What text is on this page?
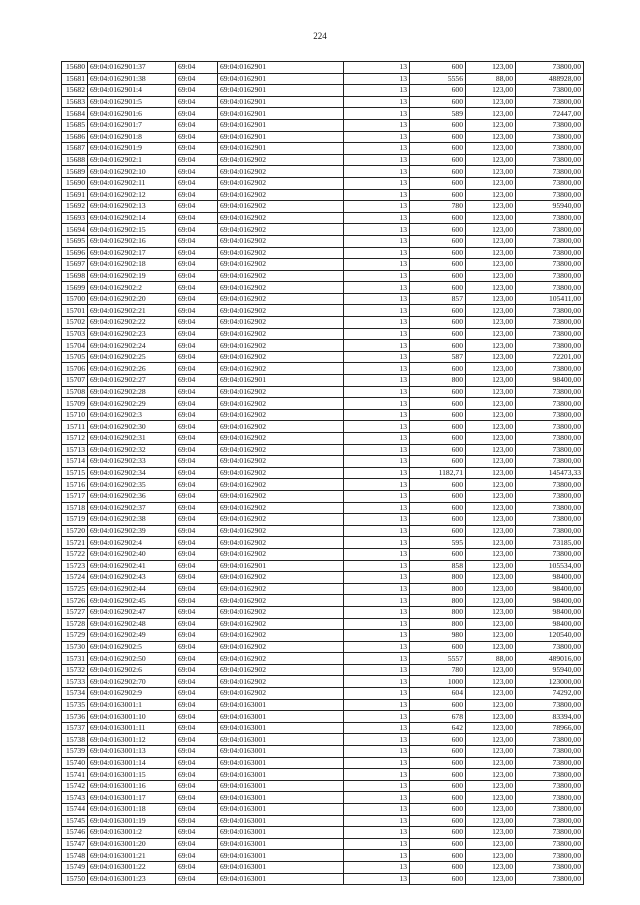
224
15680	69:04:0162901:37	69:04	69:04:0162901	13	600	123,00	73800,00
15681	69:04:0162901:38	69:04	69:04:0162901	13	5556	88,00	488928,00
15682	69:04:0162901:4	69:04	69:04:0162901	13	600	123,00	73800,00
15683	69:04:0162901:5	69:04	69:04:0162901	13	600	123,00	73800,00
15684	69:04:0162901:6	69:04	69:04:0162901	13	589	123,00	72447,00
15685	69:04:0162901:7	69:04	69:04:0162901	13	600	123,00	73800,00
15686	69:04:0162901:8	69:04	69:04:0162901	13	600	123,00	73800,00
15687	69:04:0162901:9	69:04	69:04:0162901	13	600	123,00	73800,00
15688	69:04:0162902:1	69:04	69:04:0162902	13	600	123,00	73800,00
15689	69:04:0162902:10	69:04	69:04:0162902	13	600	123,00	73800,00
15690	69:04:0162902:11	69:04	69:04:0162902	13	600	123,00	73800,00
15691	69:04:0162902:12	69:04	69:04:0162902	13	600	123,00	73800,00
15692	69:04:0162902:13	69:04	69:04:0162902	13	780	123,00	95940,00
15693	69:04:0162902:14	69:04	69:04:0162902	13	600	123,00	73800,00
15694	69:04:0162902:15	69:04	69:04:0162902	13	600	123,00	73800,00
15695	69:04:0162902:16	69:04	69:04:0162902	13	600	123,00	73800,00
15696	69:04:0162902:17	69:04	69:04:0162902	13	600	123,00	73800,00
15697	69:04:0162902:18	69:04	69:04:0162902	13	600	123,00	73800,00
15698	69:04:0162902:19	69:04	69:04:0162902	13	600	123,00	73800,00
15699	69:04:0162902:2	69:04	69:04:0162902	13	600	123,00	73800,00
15700	69:04:0162902:20	69:04	69:04:0162902	13	857	123,00	105411,00
15701	69:04:0162902:21	69:04	69:04:0162902	13	600	123,00	73800,00
15702	69:04:0162902:22	69:04	69:04:0162902	13	600	123,00	73800,00
15703	69:04:0162902:23	69:04	69:04:0162902	13	600	123,00	73800,00
15704	69:04:0162902:24	69:04	69:04:0162902	13	600	123,00	73800,00
15705	69:04:0162902:25	69:04	69:04:0162902	13	587	123,00	72201,00
15706	69:04:0162902:26	69:04	69:04:0162902	13	600	123,00	73800,00
15707	69:04:0162902:27	69:04	69:04:0162901	13	800	123,00	98400,00
15708	69:04:0162902:28	69:04	69:04:0162902	13	600	123,00	73800,00
15709	69:04:0162902:29	69:04	69:04:0162902	13	600	123,00	73800,00
15710	69:04:0162902:3	69:04	69:04:0162902	13	600	123,00	73800,00
15711	69:04:0162902:30	69:04	69:04:0162902	13	600	123,00	73800,00
15712	69:04:0162902:31	69:04	69:04:0162902	13	600	123,00	73800,00
15713	69:04:0162902:32	69:04	69:04:0162902	13	600	123,00	73800,00
15714	69:04:0162902:33	69:04	69:04:0162902	13	600	123,00	73800,00
15715	69:04:0162902:34	69:04	69:04:0162902	13	1182,71	123,00	145473,33
15716	69:04:0162902:35	69:04	69:04:0162902	13	600	123,00	73800,00
15717	69:04:0162902:36	69:04	69:04:0162902	13	600	123,00	73800,00
15718	69:04:0162902:37	69:04	69:04:0162902	13	600	123,00	73800,00
15719	69:04:0162902:38	69:04	69:04:0162902	13	600	123,00	73800,00
15720	69:04:0162902:39	69:04	69:04:0162902	13	600	123,00	73800,00
15721	69:04:0162902:4	69:04	69:04:0162902	13	595	123,00	73185,00
15722	69:04:0162902:40	69:04	69:04:0162902	13	600	123,00	73800,00
15723	69:04:0162902:41	69:04	69:04:0162901	13	858	123,00	105534,00
15724	69:04:0162902:43	69:04	69:04:0162902	13	800	123,00	98400,00
15725	69:04:0162902:44	69:04	69:04:0162902	13	800	123,00	98400,00
15726	69:04:0162902:45	69:04	69:04:0162902	13	800	123,00	98400,00
15727	69:04:0162902:47	69:04	69:04:0162902	13	800	123,00	98400,00
15728	69:04:0162902:48	69:04	69:04:0162902	13	800	123,00	98400,00
15729	69:04:0162902:49	69:04	69:04:0162902	13	980	123,00	120540,00
15730	69:04:0162902:5	69:04	69:04:0162902	13	600	123,00	73800,00
15731	69:04:0162902:50	69:04	69:04:0162902	13	5557	88,00	489016,00
15732	69:04:0162902:6	69:04	69:04:0162902	13	780	123,00	95940,00
15733	69:04:0162902:70	69:04	69:04:0162902	13	1000	123,00	123000,00
15734	69:04:0162902:9	69:04	69:04:0162902	13	604	123,00	74292,00
15735	69:04:0163001:1	69:04	69:04:0163001	13	600	123,00	73800,00
15736	69:04:0163001:10	69:04	69:04:0163001	13	678	123,00	83394,00
15737	69:04:0163001:11	69:04	69:04:0163001	13	642	123,00	78966,00
15738	69:04:0163001:12	69:04	69:04:0163001	13	600	123,00	73800,00
15739	69:04:0163001:13	69:04	69:04:0163001	13	600	123,00	73800,00
15740	69:04:0163001:14	69:04	69:04:0163001	13	600	123,00	73800,00
15741	69:04:0163001:15	69:04	69:04:0163001	13	600	123,00	73800,00
15742	69:04:0163001:16	69:04	69:04:0163001	13	600	123,00	73800,00
15743	69:04:0163001:17	69:04	69:04:0163001	13	600	123,00	73800,00
15744	69:04:0163001:18	69:04	69:04:0163001	13	600	123,00	73800,00
15745	69:04:0163001:19	69:04	69:04:0163001	13	600	123,00	73800,00
15746	69:04:0163001:2	69:04	69:04:0163001	13	600	123,00	73800,00
15747	69:04:0163001:20	69:04	69:04:0163001	13	600	123,00	73800,00
15748	69:04:0163001:21	69:04	69:04:0163001	13	600	123,00	73800,00
15749	69:04:0163001:22	69:04	69:04:0163001	13	600	123,00	73800,00
15750	69:04:0163001:23	69:04	69:04:0163001	13	600	123,00	73800,00
